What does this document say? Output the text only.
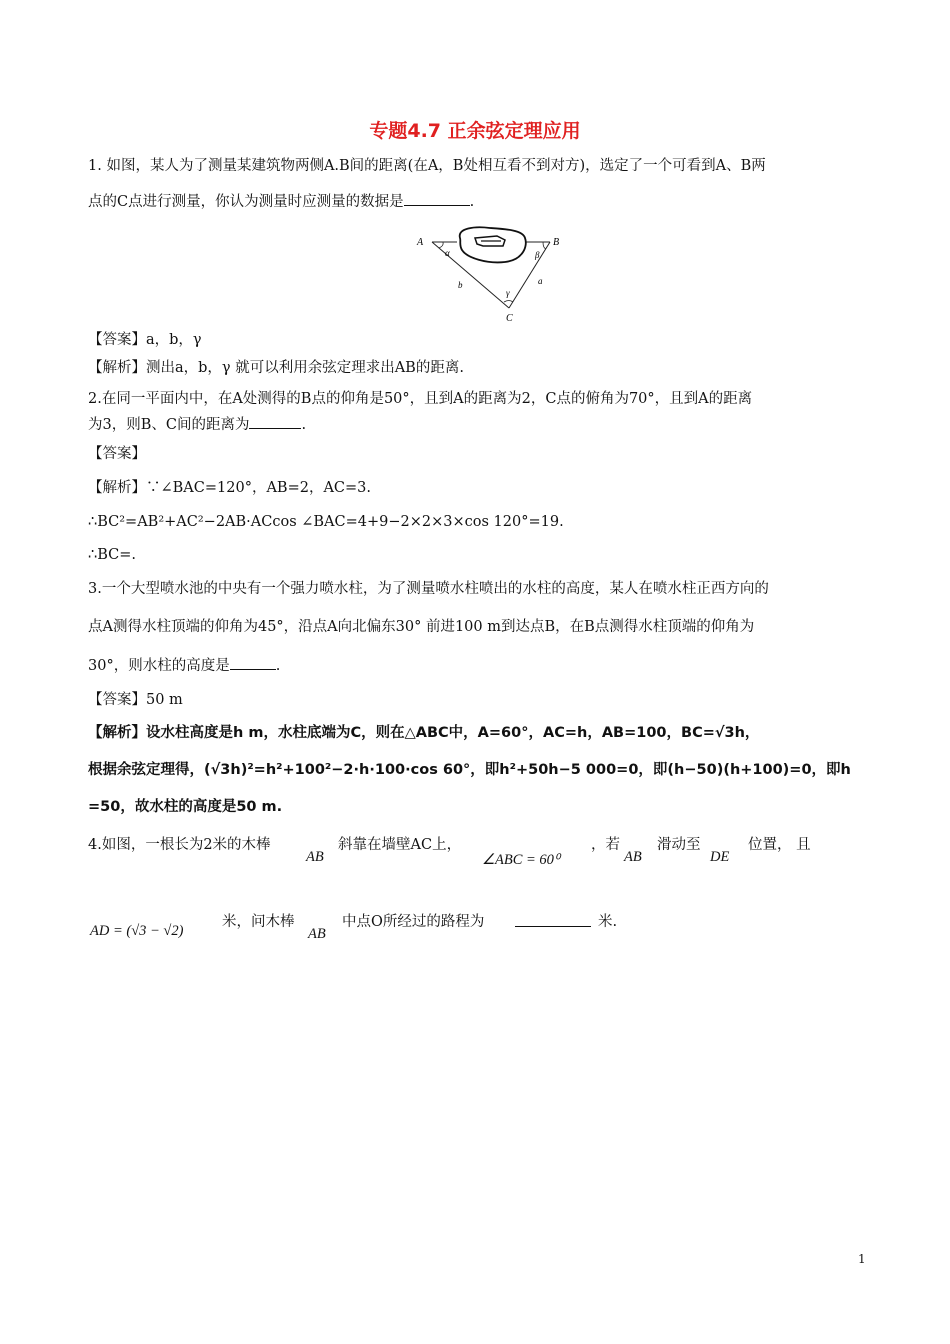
专题4.7 正余弦定理应用
1. 如图，某人为了测量某建筑物两侧A.B间的距离(在A，B处相互看不到对方)，选定了一个可看到A、B两
点的C点进行测量，你认为测量时应测量的数据是	.
A	B
C
α	β
γ
a
b
【答案】a，b，γ
【解析】测出a，b，γ 就可以利用余弦定理求出AB的距离.
2.在同一平面内中，在A处测得的B点的仰角是50°，且到A的距离为2，C点的俯角为70°，且到A的距离
为3，则B、C间的距离为	.
【答案】
【解析】∵∠BAC=120°，AB=2，AC=3.
∴BC²=AB²+AC²−2AB·ACcos ∠BAC=4+9−2×2×3×cos 120°=19.
∴BC=.
3.一个大型喷水池的中央有一个强力喷水柱，为了测量喷水柱喷出的水柱的高度，某人在喷水柱正西方向的
点A测得水柱顶端的仰角为45°，沿点A向北偏东30° 前进100 m到达点B，在B点测得水柱顶端的仰角为
30°，则水柱的高度是	.
【答案】50 m
【解析】设水柱高度是h m，水柱底端为C，则在△ABC中，A=60°，AC=h，AB=100，BC=√3h，
根据余弦定理得，(√3h)²=h²+100²−2·h·100·cos 60°，即h²+50h−5 000=0，即(h−50)(h+100)=0，即h
=50，故水柱的高度是50 m.
4.如图，一根长为2米的木棒
AB
斜靠在墙壁AC上，
∠ABC = 60⁰
，若
AB
滑动至
DE
位置， 且
AD = (√3 − √2)
米，问木棒
AB
中点O所经过的路程为	米.
1
